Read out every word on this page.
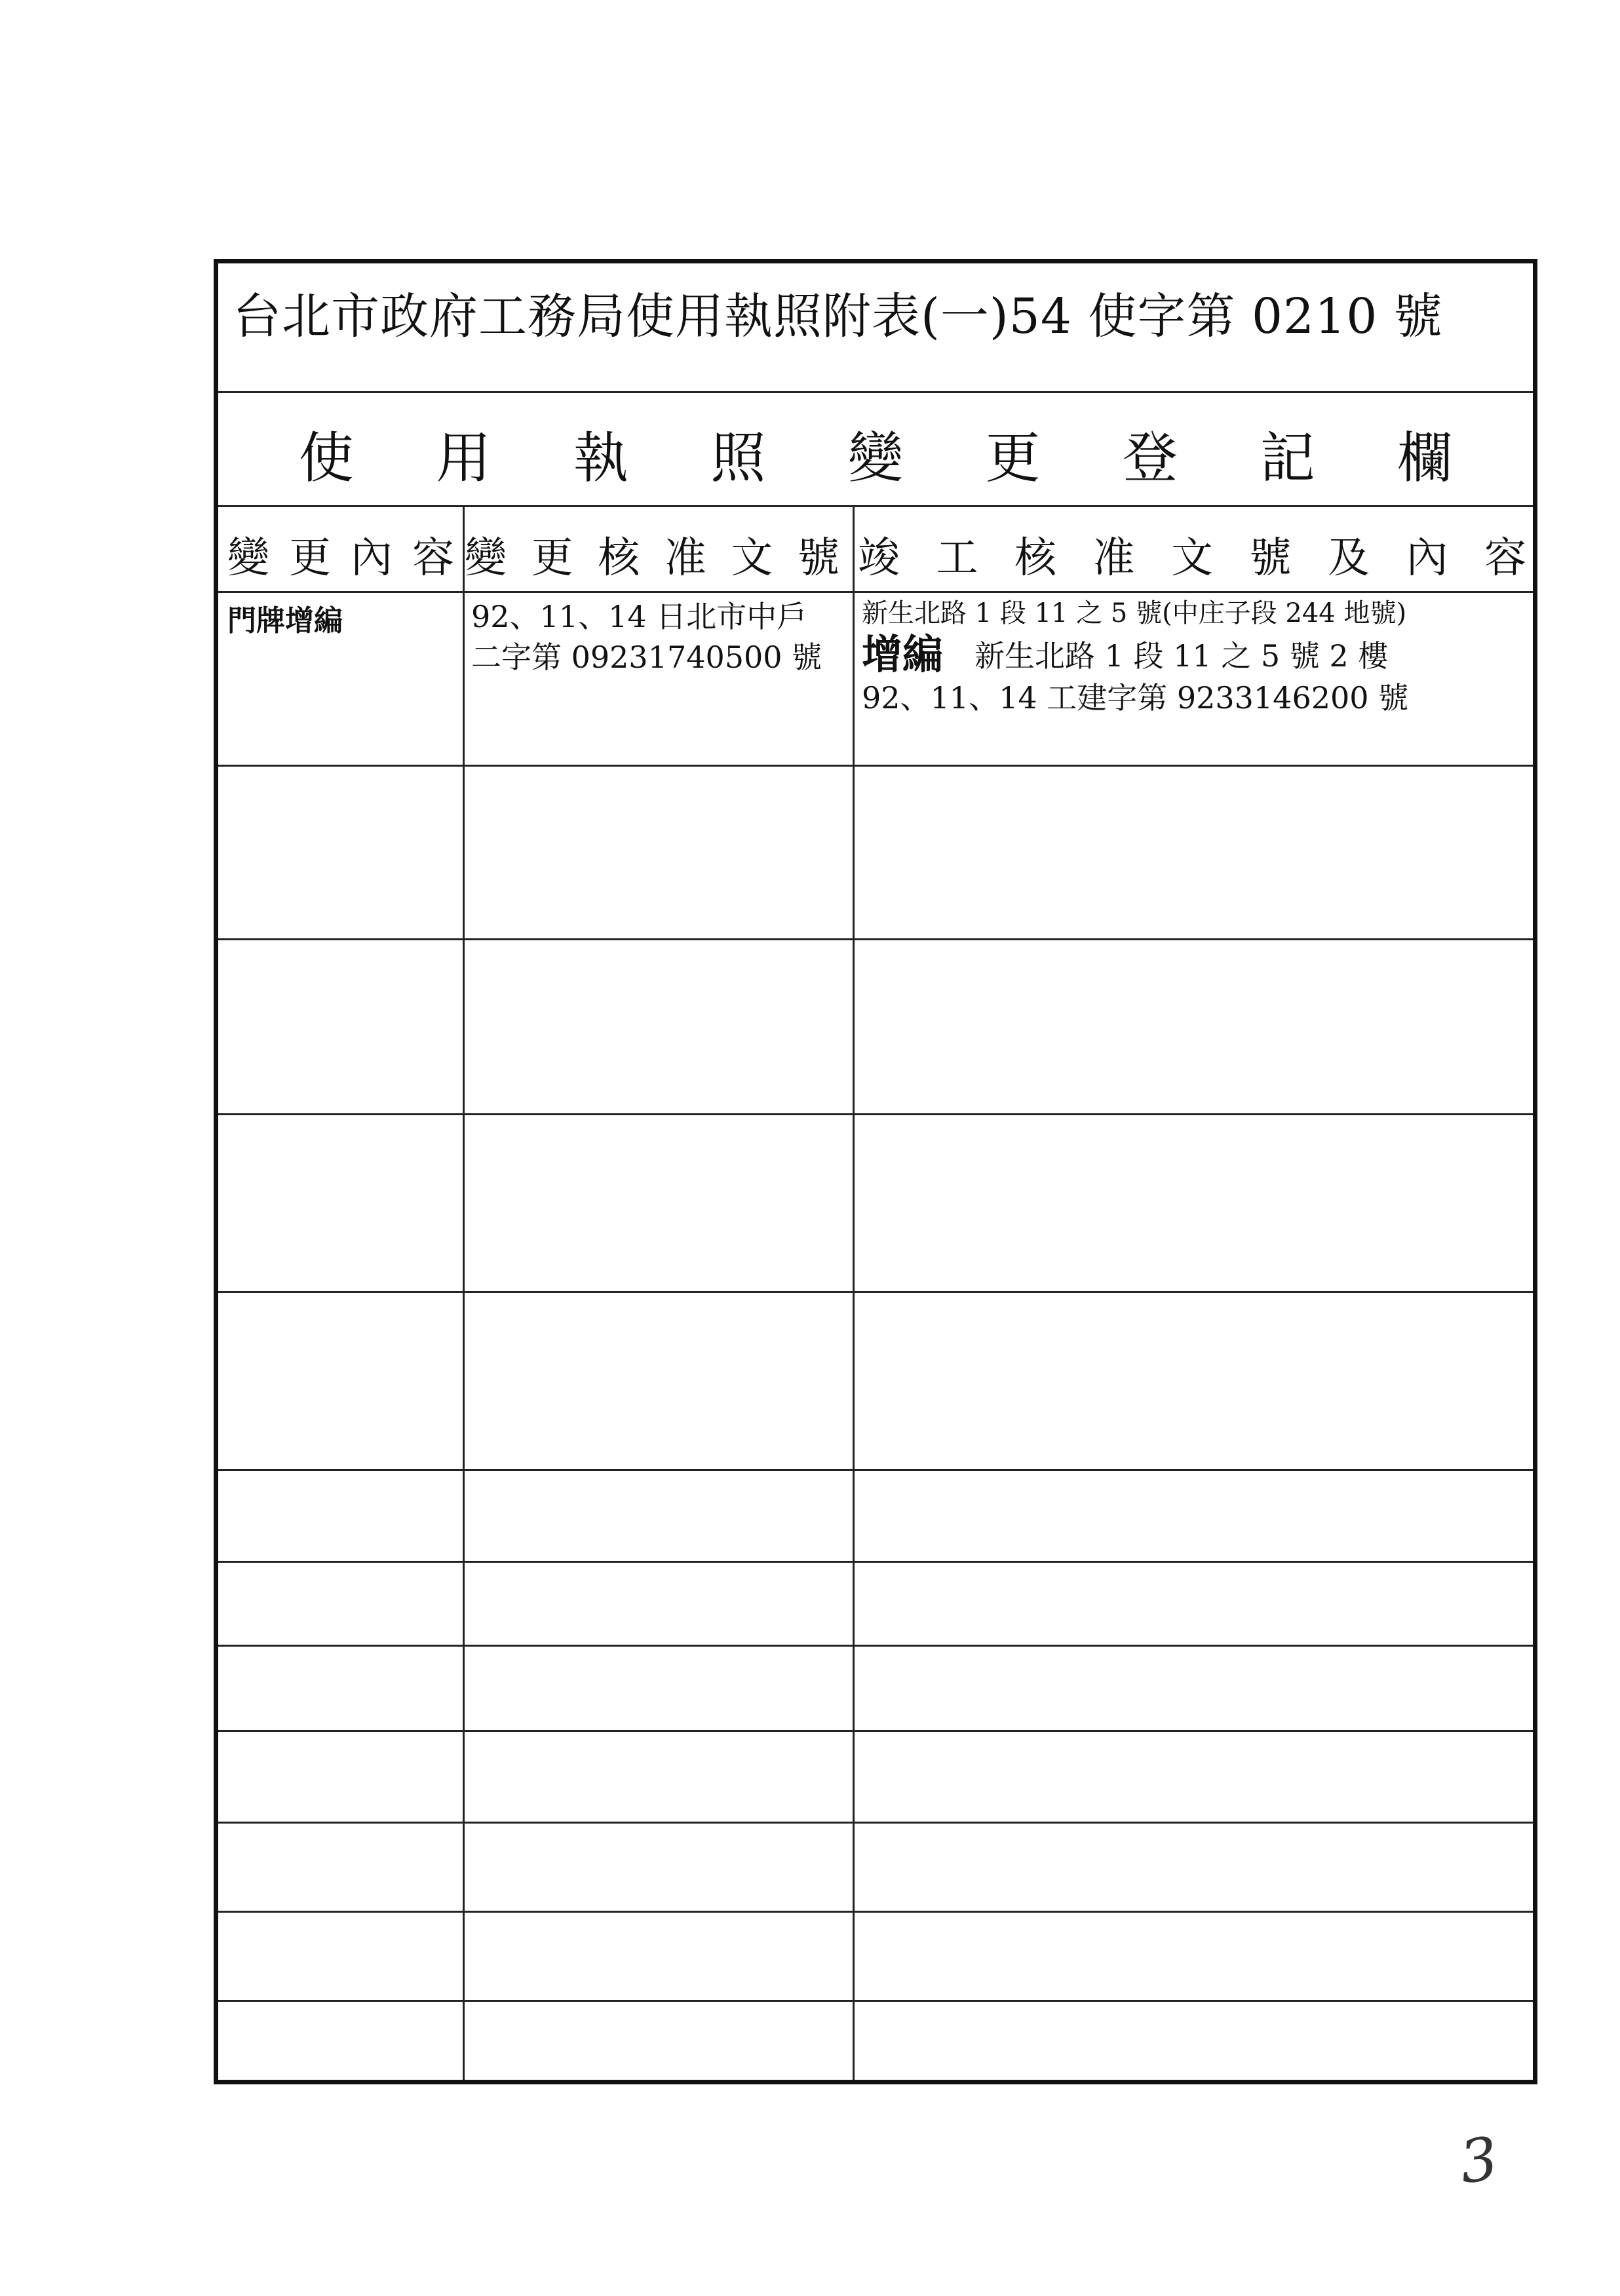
台北市政府工務局使用執照附表(一)54 使字第 0210 號
使 用 執 照 變 更 登 記 欄
變 更 內 容 變 更 核 准 文 號 竣 工 核 准 文 號 及 內 容
門牌增編	92、11、14 日北市中戶
二字第 09231740500 號
新生北路 1 段 11 之 5 號(中庄子段 244 地號)
增編 新生北路 1 段 11 之 5 號 2 樓
92、11、14 工建字第 9233146200 號
3
